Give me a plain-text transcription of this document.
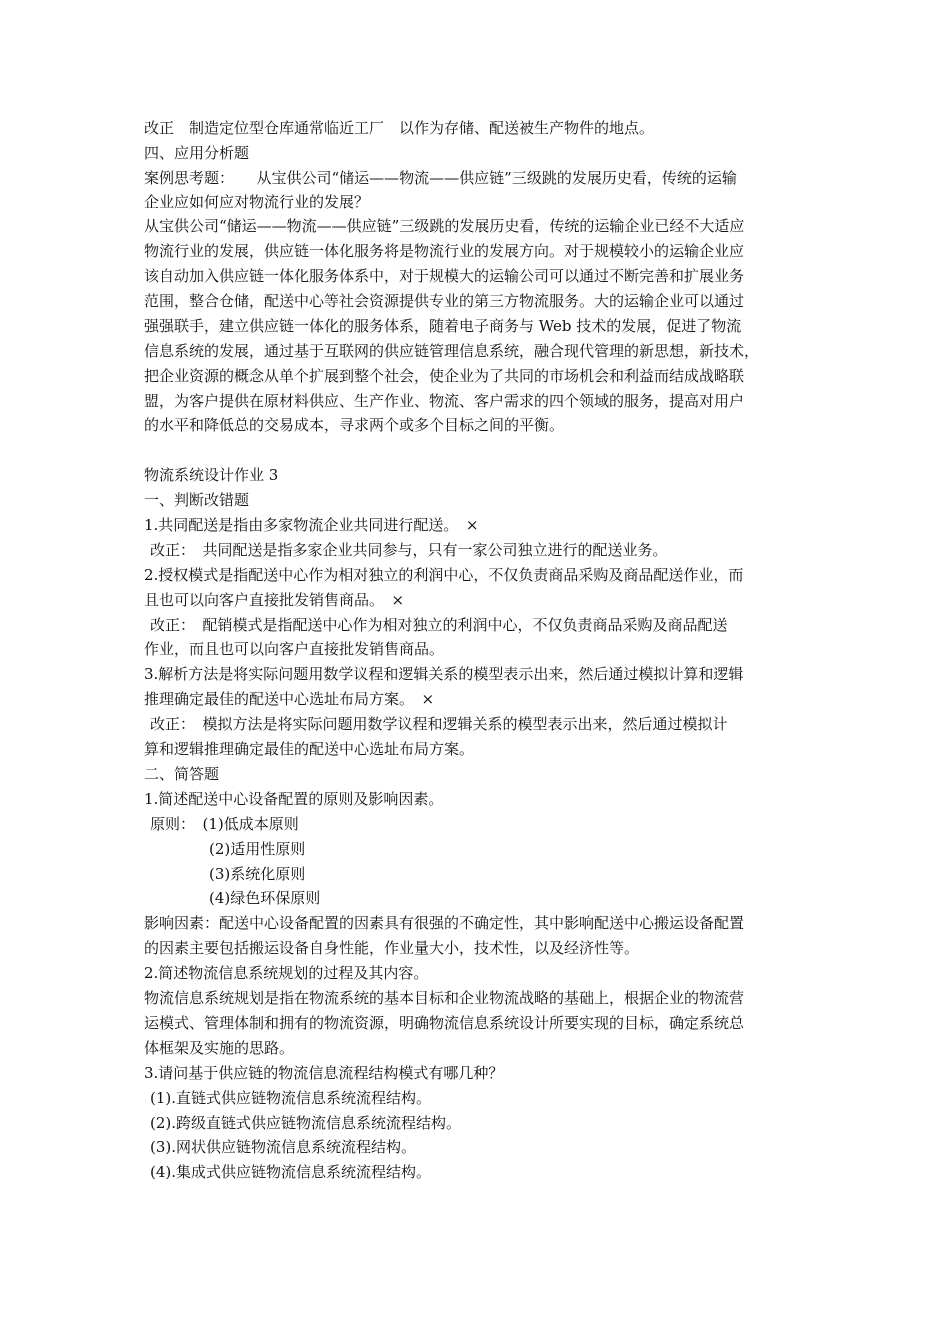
改正　制造定位型仓库通常临近工厂　以作为存储、配送被生产物件的地点。
四、应用分析题
案例思考题：　　从宝供公司“储运——物流——供应链”三级跳的发展历史看，传统的运输
企业应如何应对物流行业的发展？
从宝供公司“储运——物流——供应链”三级跳的发展历史看，传统的运输企业已经不大适应
物流行业的发展，供应链一体化服务将是物流行业的发展方向。对于规模较小的运输企业应
该自动加入供应链一体化服务体系中，对于规模大的运输公司可以通过不断完善和扩展业务
范围，整合仓储，配送中心等社会资源提供专业的第三方物流服务。大的运输企业可以通过
强强联手，建立供应链一体化的服务体系，随着电子商务与 Web 技术的发展，促进了物流
信息系统的发展，通过基于互联网的供应链管理信息系统，融合现代管理的新思想，新技术，
把企业资源的概念从单个扩展到整个社会，使企业为了共同的市场机会和利益而结成战略联
盟，为客户提供在原材料供应、生产作业、物流、客户需求的四个领域的服务，提高对用户
的水平和降低总的交易成本，寻求两个或多个目标之间的平衡。
物流系统设计作业 3
一、判断改错题
1.共同配送是指由多家物流企业共同进行配送。　×
改正：　共同配送是指多家企业共同参与，只有一家公司独立进行的配送业务。
2.授权模式是指配送中心作为相对独立的利润中心，不仅负责商品采购及商品配送作业，而
且也可以向客户直接批发销售商品。　×
改正：　配销模式是指配送中心作为相对独立的利润中心，不仅负责商品采购及商品配送
作业，而且也可以向客户直接批发销售商品。
3.解析方法是将实际问题用数学议程和逻辑关系的模型表示出来，然后通过模拟计算和逻辑
推理确定最佳的配送中心选址布局方案。　×
改正：　模拟方法是将实际问题用数学议程和逻辑关系的模型表示出来，然后通过模拟计
算和逻辑推理确定最佳的配送中心选址布局方案。
二、简答题
1.简述配送中心设备配置的原则及影响因素。
原则：　(1)低成本原则
(2)适用性原则
(3)系统化原则
(4)绿色环保原则
影响因素：配送中心设备配置的因素具有很强的不确定性，其中影响配送中心搬运设备配置
的因素主要包括搬运设备自身性能，作业量大小，技术性，以及经济性等。
2.简述物流信息系统规划的过程及其内容。
物流信息系统规划是指在物流系统的基本目标和企业物流战略的基础上，根据企业的物流营
运模式、管理体制和拥有的物流资源，明确物流信息系统设计所要实现的目标，确定系统总
体框架及实施的思路。
3.请问基于供应链的物流信息流程结构模式有哪几种？
(1).直链式供应链物流信息系统流程结构。
(2).跨级直链式供应链物流信息系统流程结构。
(3).网状供应链物流信息系统流程结构。
(4).集成式供应链物流信息系统流程结构。
